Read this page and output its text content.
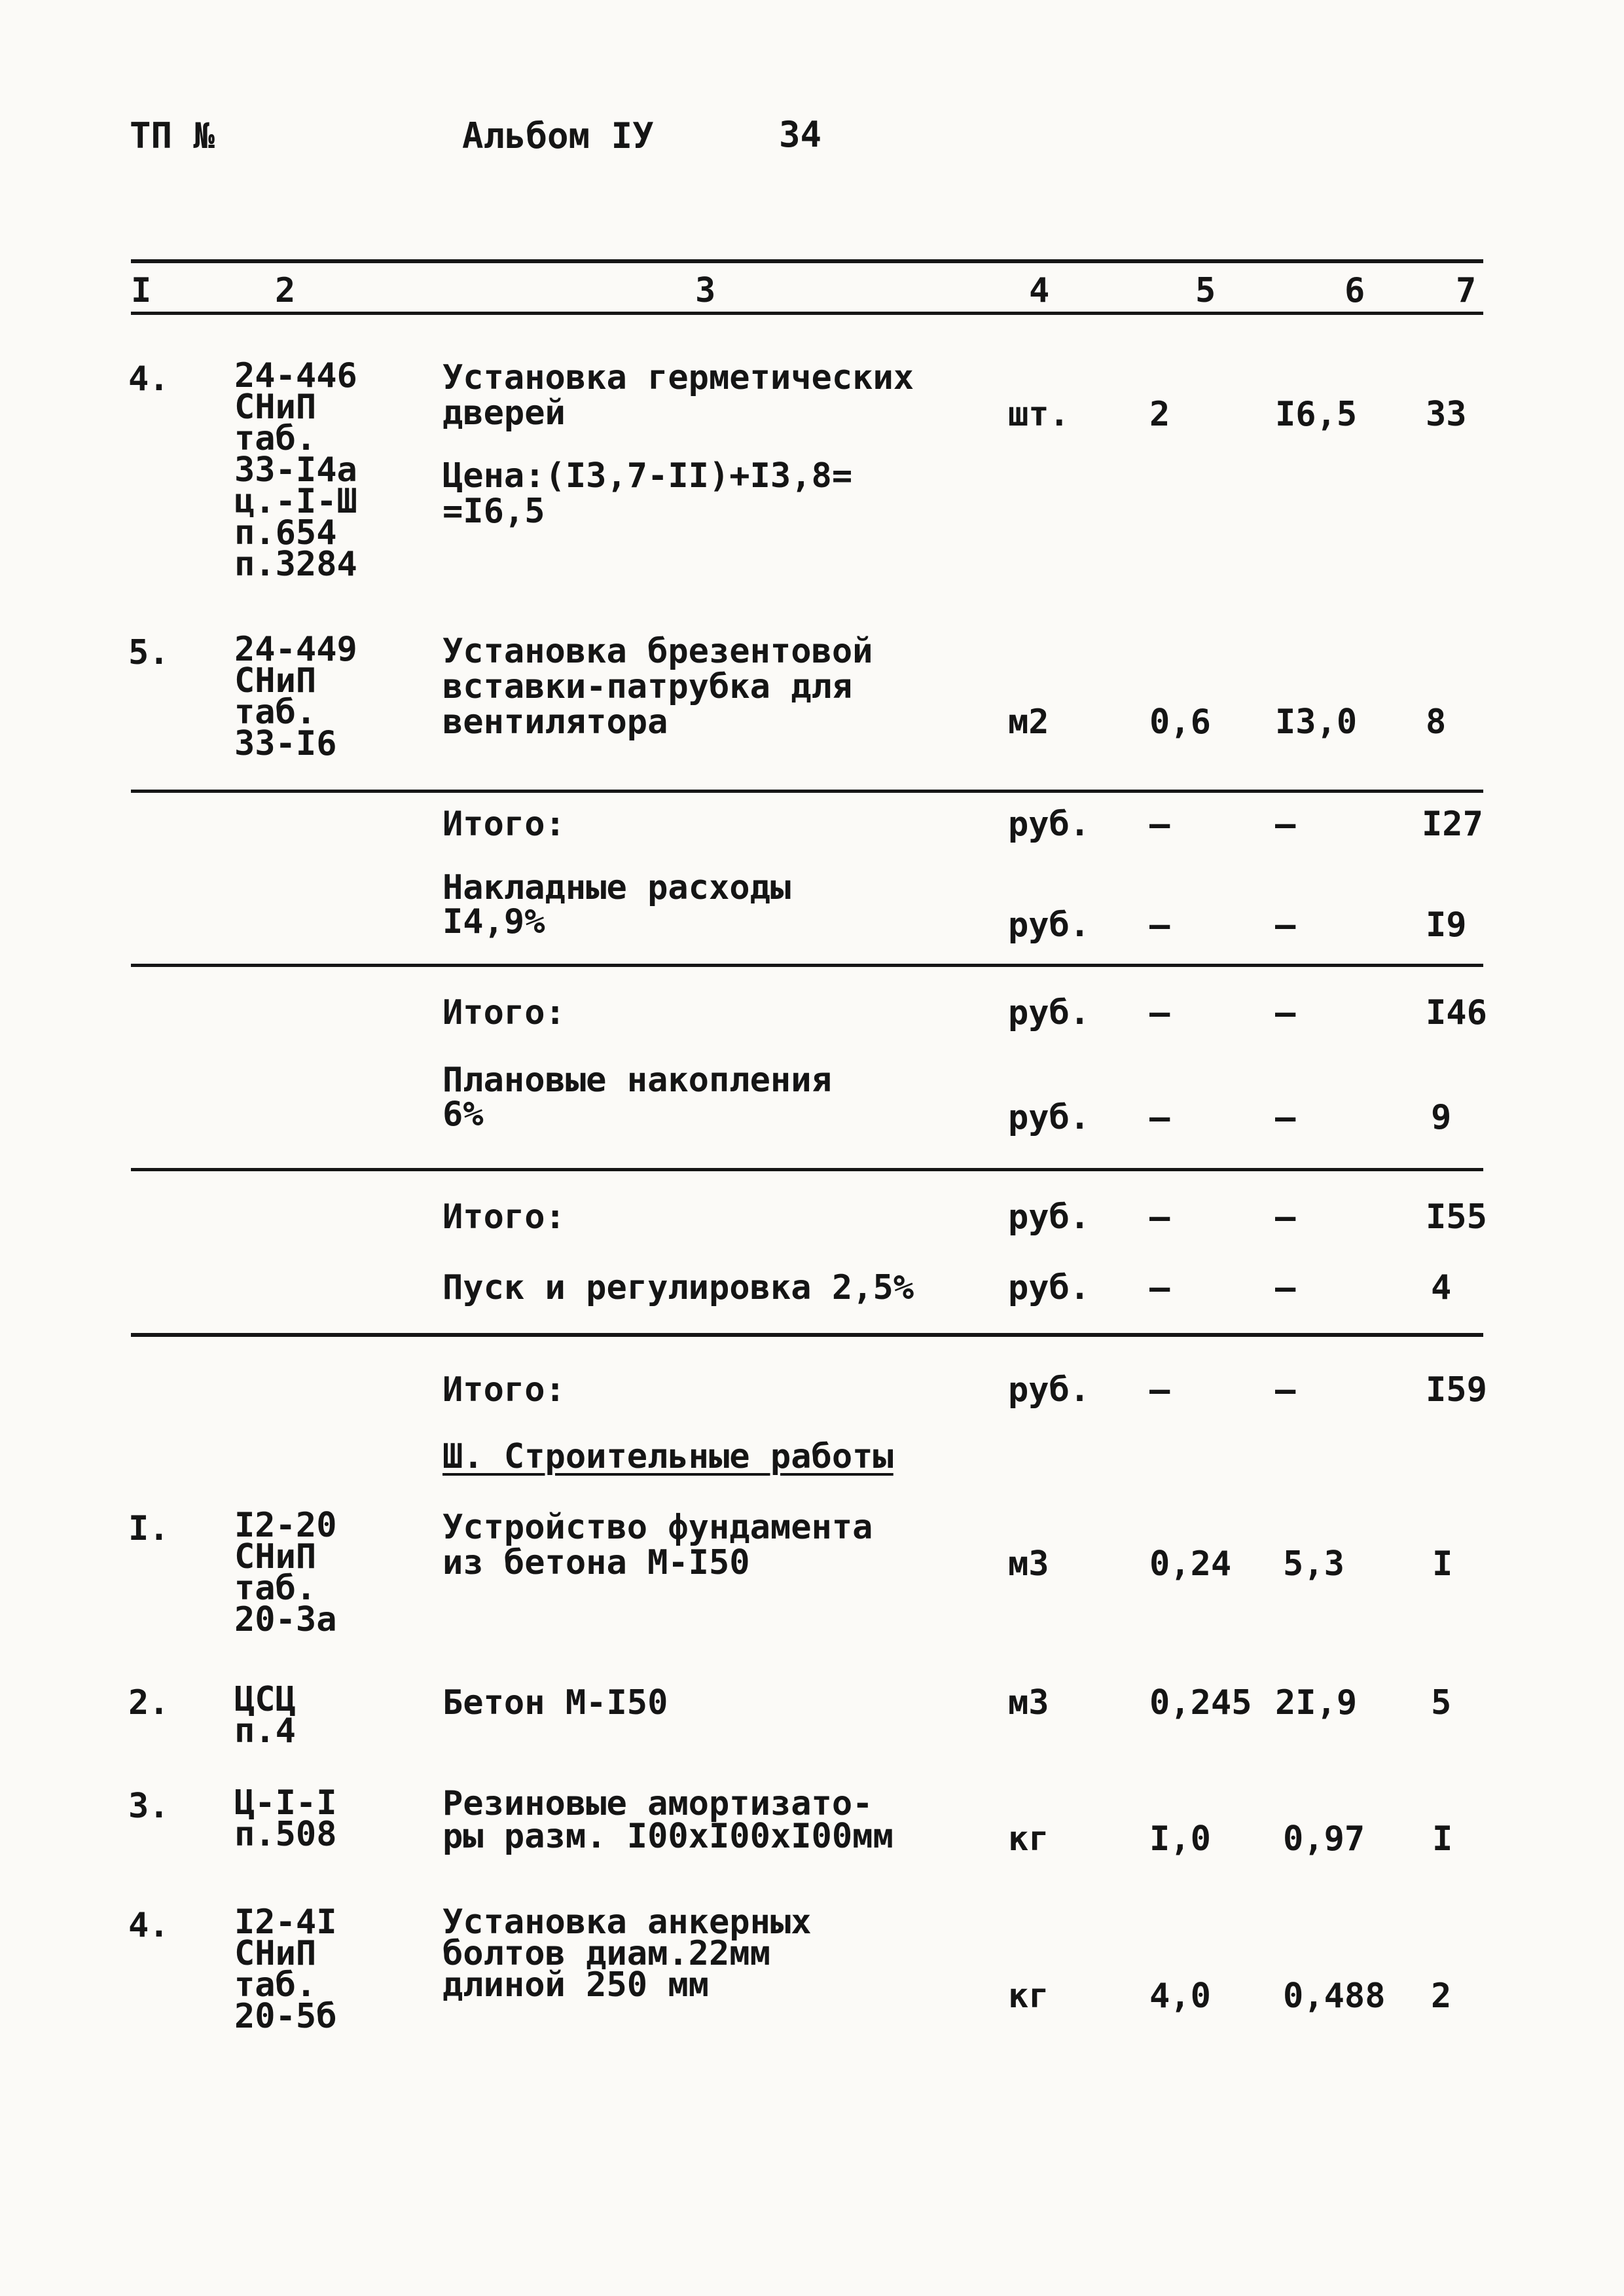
ТП №	Альбом IУ	34
I	2	3	4	5	6	7
4. 24-446
СНиП
таб.
33-I4а
ц.-I-Ш
п.654
п.3284
Установка герметических
дверей
Цена:(I3,7-II)+I3,8=
=I6,5
шт. 2	I6,5 33
5. 24-449
СНиП
таб.
33-I6
Установка брезентовой
вставки-патрубка для
вентилятора	м2	0,6 I3,0 8
Итого:	руб. –	–	I27
Накладные расходы
I4,9%	руб. –	–	I9
Итого:	руб. –	–	I46
Плановые накопления
6%	руб. –	–	9
Итого:	руб. –	–	I55
Пуск и регулировка 2,5%	руб. –	–	4
Итого:	руб. –	–	I59
Ш. Строительные работы
I. I2-20
СНиП
таб.
20-3а
Устройство фундамента
из бетона М-I50	м3	0,24 5,3	I
2. ЦСЦ
п.4
Бетон М-I50	м3	0,245 2I,9 5
3. Ц-I-I
п.508
Резиновые амортизато-
ры разм. I00хI00хI00мм	кг	I,0 0,97 I
4. I2-4I
СНиП
таб.
20-5б
Установка анкерных
болтов диам.22мм
длиной 250 мм	кг	4,0 0,488 2
